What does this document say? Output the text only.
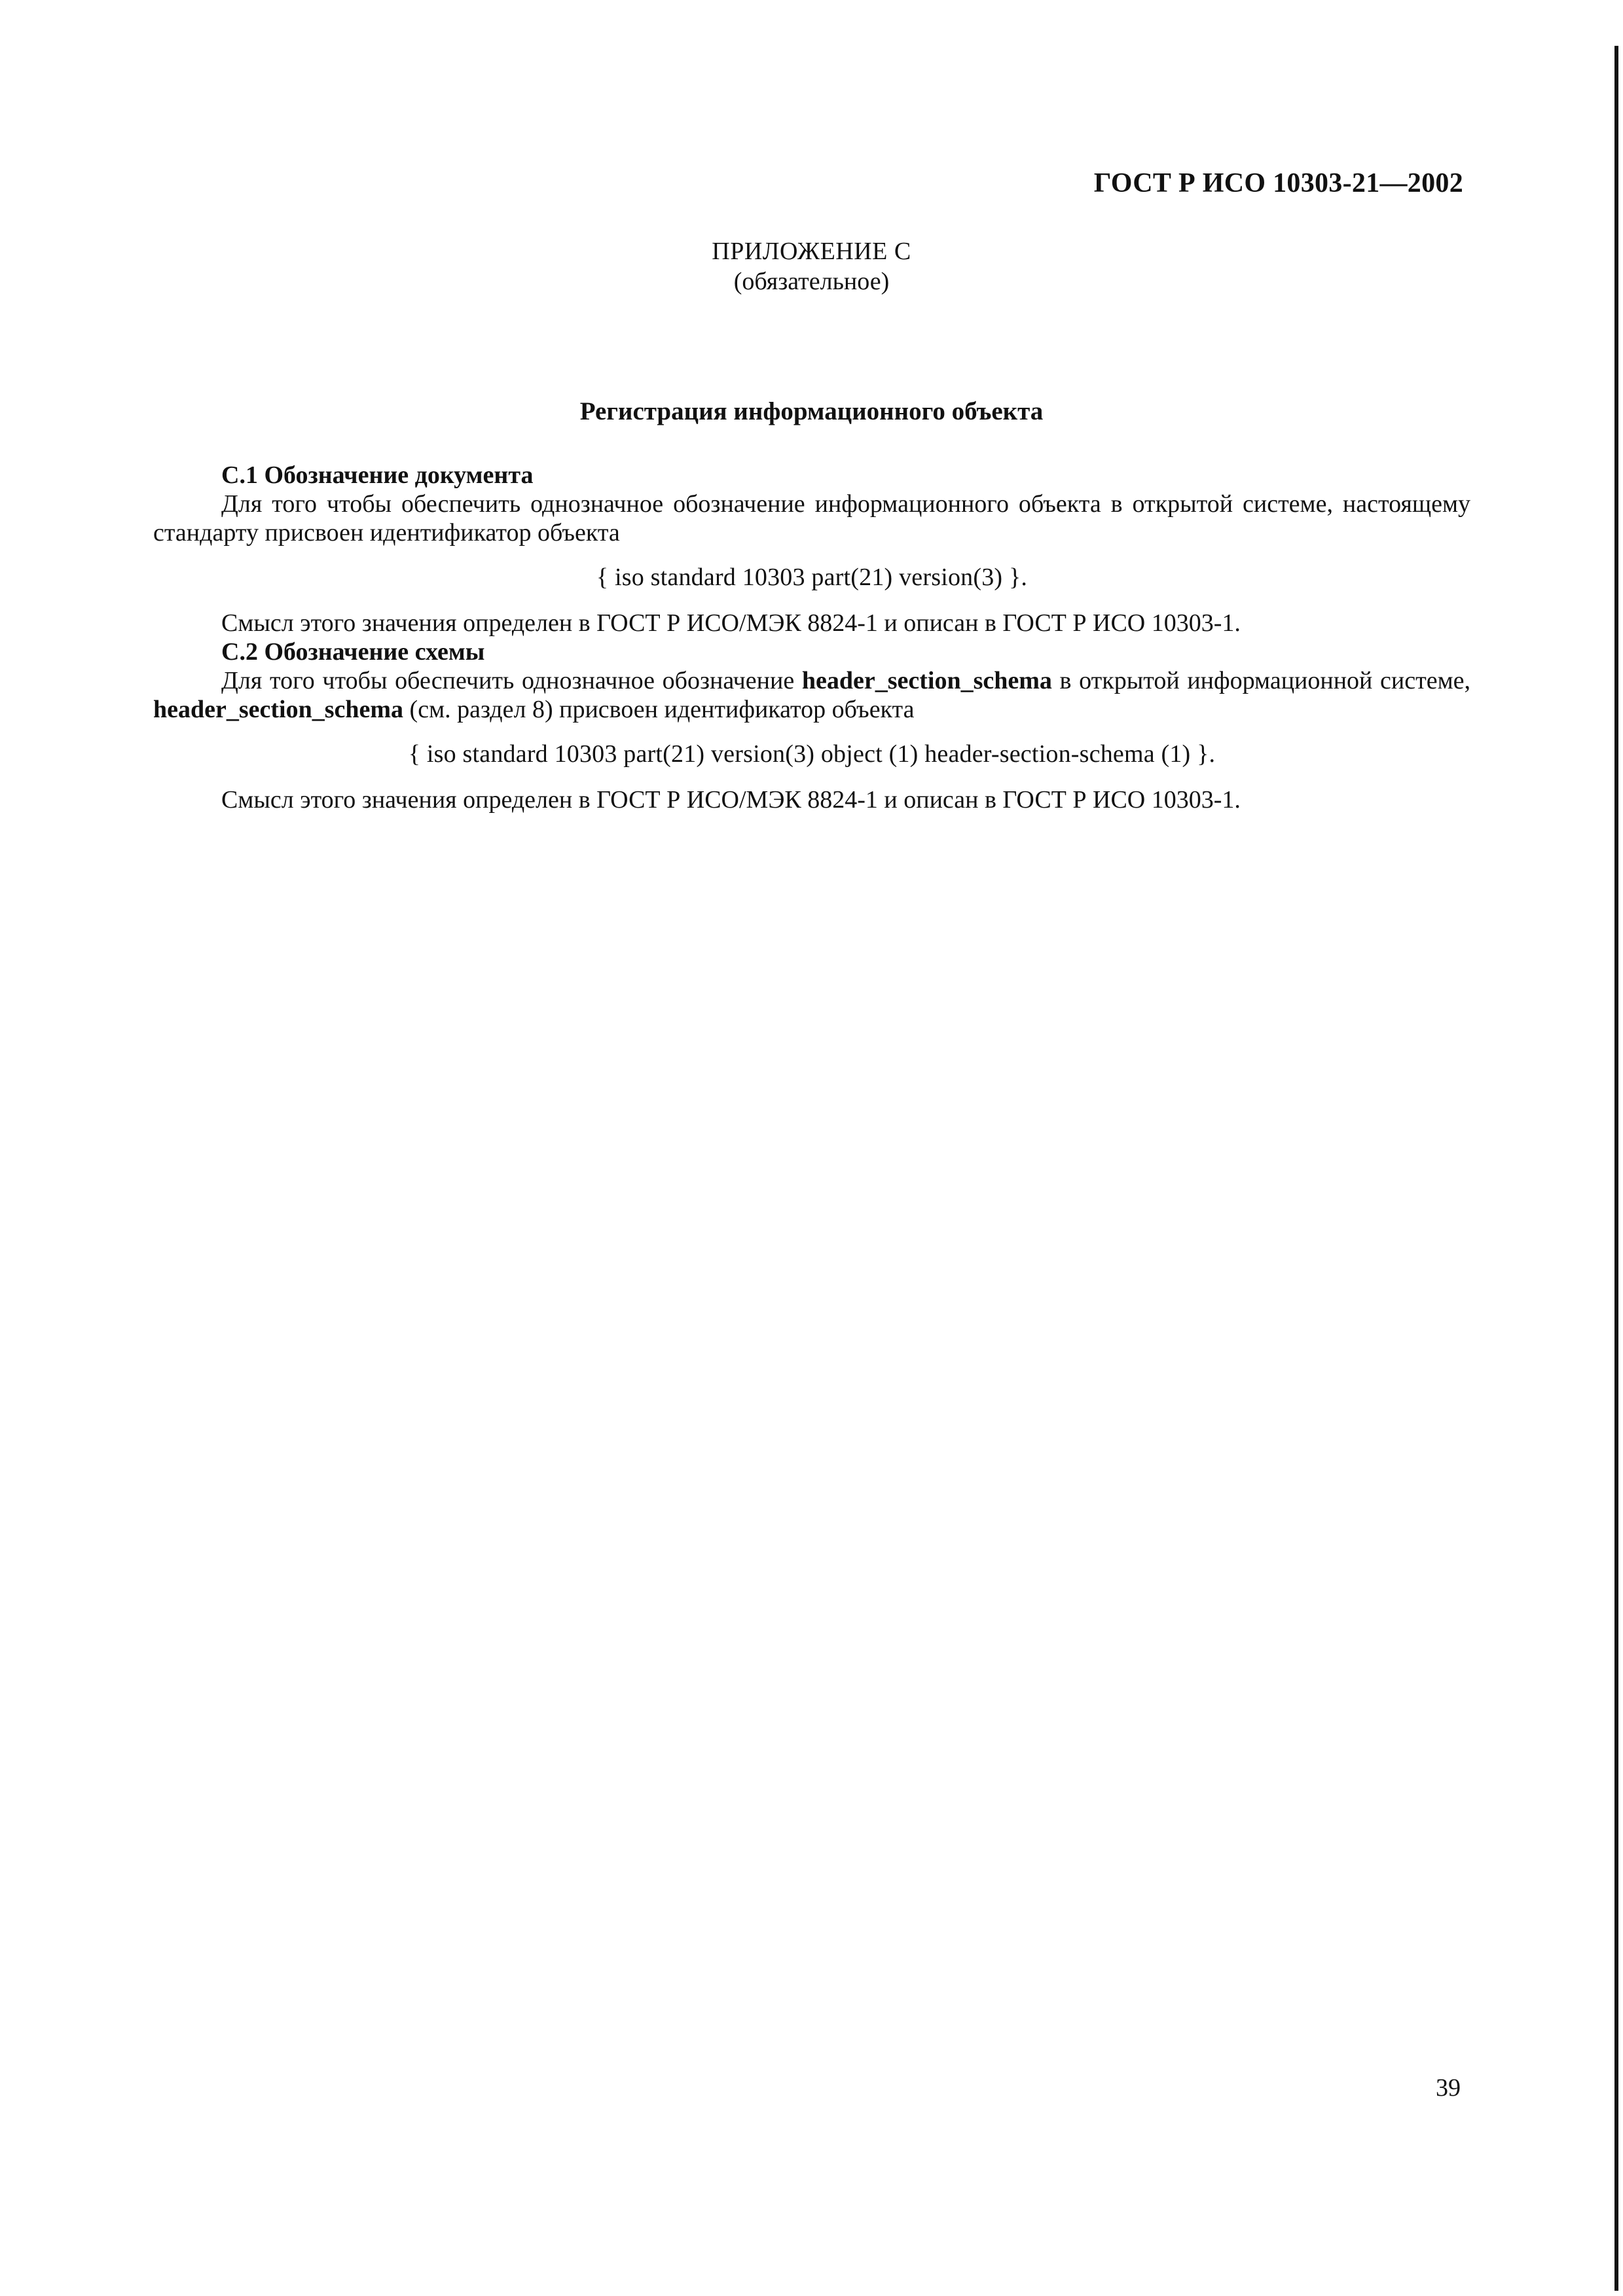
ГОСТ Р ИСО 10303-21—2002
ПРИЛОЖЕНИЕ С
(обязательное)
Регистрация информационного объекта

С.1 Обозначение документа

Для того чтобы обеспечить однозначное обозначение информационного объекта в открытой системе, настоящему стандарту присвоен идентификатор объекта

{ iso standard 10303 part(21) version(3) }.

Смысл этого значения определен в ГОСТ Р ИСО/МЭК 8824-1 и описан в ГОСТ Р ИСО 10303-1.

С.2 Обозначение схемы

Для того чтобы обеспечить однозначное обозначение header_section_schema в открытой информационной системе, header_section_schema (см. раздел 8) присвоен идентификатор объекта

{ iso standard 10303 part(21) version(3) object (1) header-section-schema (1) }.

Смысл этого значения определен в ГОСТ Р ИСО/МЭК 8824-1 и описан в ГОСТ Р ИСО 10303-1.

39
